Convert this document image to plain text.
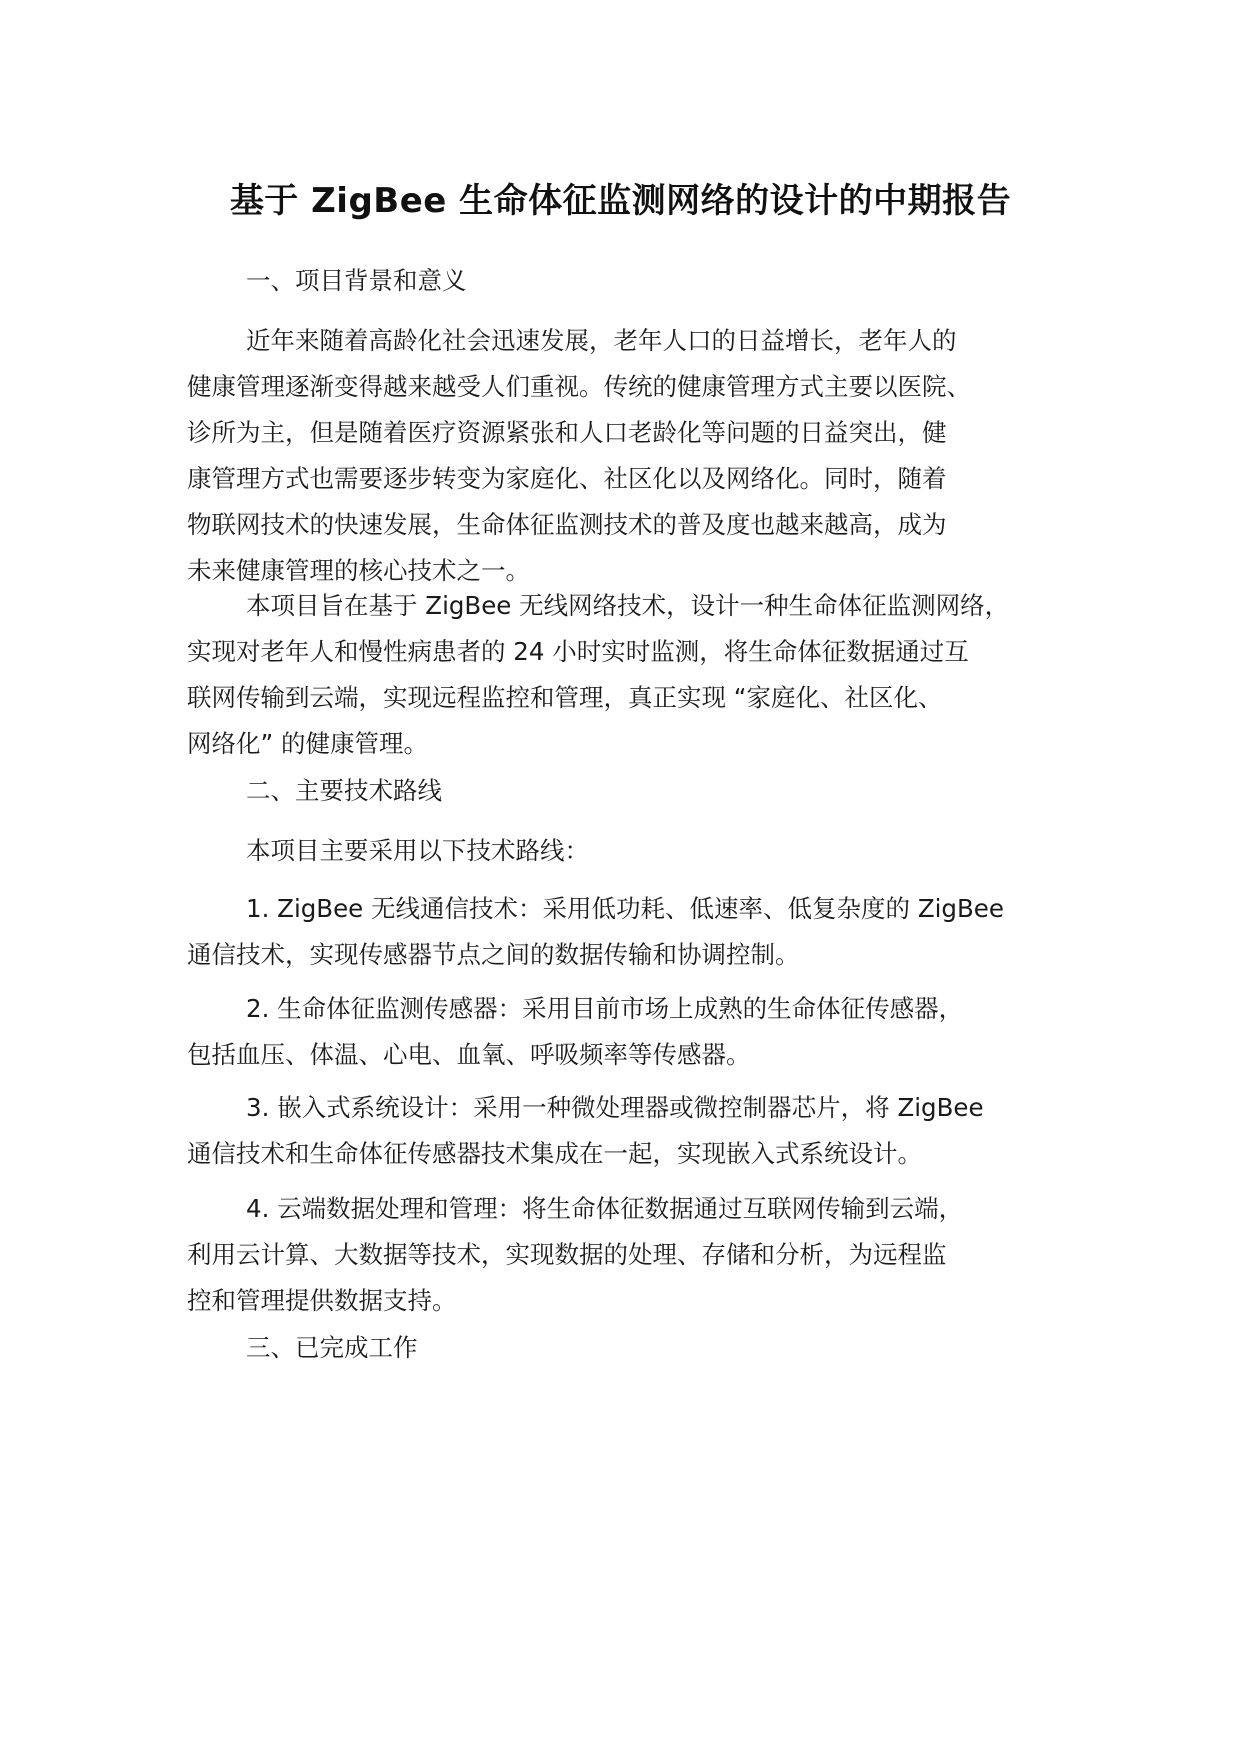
基于 ZigBee 生命体征监测网络的设计的中期报告

一、项目背景和意义

近年来随着高龄化社会迅速发展，老年人口的日益增长，老年人的
健康管理逐渐变得越来越受人们重视。传统的健康管理方式主要以医院、
诊所为主，但是随着医疗资源紧张和人口老龄化等问题的日益突出，健
康管理方式也需要逐步转变为家庭化、社区化以及网络化。同时，随着
物联网技术的快速发展，生命体征监测技术的普及度也越来越高，成为
未来健康管理的核心技术之一。

本项目旨在基于 ZigBee 无线网络技术，设计一种生命体征监测网络，
实现对老年人和慢性病患者的 24 小时实时监测，将生命体征数据通过互
联网传输到云端，实现远程监控和管理，真正实现 “家庭化、社区化、
网络化” 的健康管理。

二、主要技术路线

本项目主要采用以下技术路线：

1. ZigBee 无线通信技术：采用低功耗、低速率、低复杂度的 ZigBee
通信技术，实现传感器节点之间的数据传输和协调控制。

2. 生命体征监测传感器：采用目前市场上成熟的生命体征传感器，
包括血压、体温、心电、血氧、呼吸频率等传感器。

3. 嵌入式系统设计：采用一种微处理器或微控制器芯片，将 ZigBee
通信技术和生命体征传感器技术集成在一起，实现嵌入式系统设计。

4. 云端数据处理和管理：将生命体征数据通过互联网传输到云端，
利用云计算、大数据等技术，实现数据的处理、存储和分析，为远程监
控和管理提供数据支持。

三、已完成工作
